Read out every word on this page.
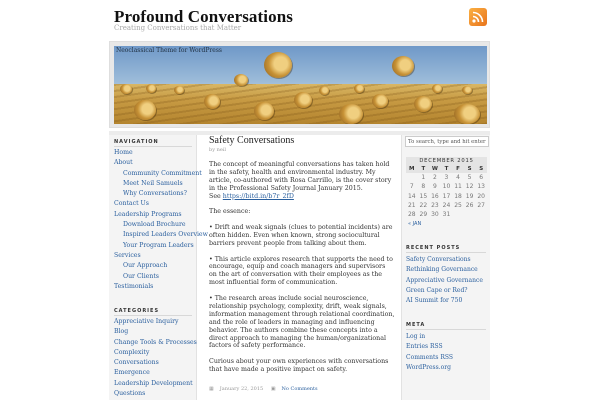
Profound Conversations
Creating Conversations that Matter
Neoclassical Theme for WordPress
NAVIGATION
Home
About
Community Commitment
Meet Neil Samuels
Why Conversations?
Contact Us
Leadership Programs
Download Brochure
Inspired Leaders Overview
Your Program Leaders
Services
Our Approach
Our Clients
Testimonials
CATEGORIES
Appreciative Inquiry
Blog
Change Tools & Processes
Complexity
Conversations
Emergence
Leadership Development
Questions
Safety Conversations
by neil

The concept of meaningful conversations has taken hold in the safety, health and environmental industry. My article, co-authored with Rosa Carrillo, is the cover story in the Professional Safety Journal January 2015.
See https://bitd.in/b7r_2fD

The essence:

• Drift and weak signals (clues to potential incidents) are often hidden. Even when known, strong sociocultural barriers prevent people from talking about them.

• This article explores research that supports the need to encourage, equip and coach managers and supervisors on the art of conversation with their employees as the most influential form of communication.

• The research areas include social neuroscience, relationship psychology, complexity, drift, weak signals, information management through relational coordination, and the role of leaders in managing and influencing behavior. The authors combine these concepts into a direct approach to managing the human/organizational factors of safety performance.

Curious about your own experiences with conversations that have made a positive impact on safety.

▦ January 22, 2015 ▣ No Comments
To search, type and hit enter
DECEMBER 2015
M	T	W	T	F	S	S
	1	2	3	4	5	6
7	8	9	10	11	12	13
14	15	16	17	18	19	20
21	22	23	24	25	26	27
28	29	30	31			
« JAN
RECENT POSTS
Safety Conversations
Rethinking Governance
Appreciative Governance
Green Cape or Red?
AI Summit for 750
META
Log in
Entries RSS
Comments RSS
WordPress.org
